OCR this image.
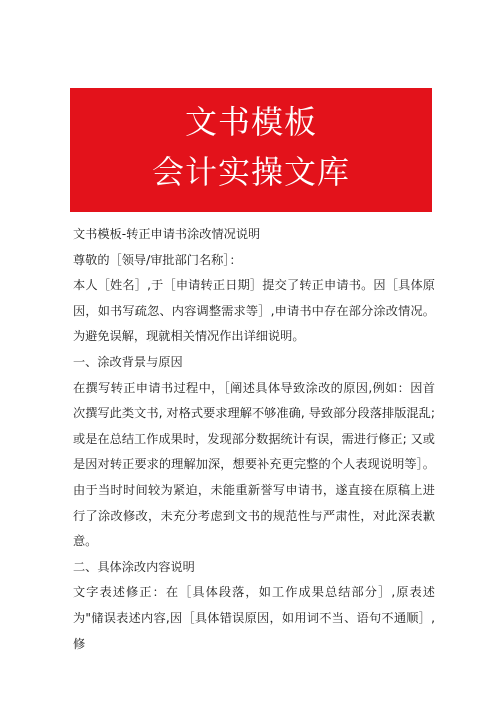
文书模板
会计实操文库

文书模板-转正申请书涂改情况说明

尊敬的［领导/审批部门名称］：

本人［姓名］,于［申请转正日期］提交了转正申请书。因［具体原因，如书写疏忽、内容调整需求等］,申请书中存在部分涂改情况。为避免误解，现就相关情况作出详细说明。

一、涂改背景与原因

在撰写转正申请书过程中，［阐述具体导致涂改的原因,例如：因首次撰写此类文书, 对格式要求理解不够准确, 导致部分段落排版混乱; 或是在总结工作成果时，发现部分数据统计有误，需进行修正; 又或是因对转正要求的理解加深，想要补充更完整的个人表现说明等］。由于当时时间较为紧迫，未能重新誉写申请书，遂直接在原稿上进行了涂改修改，未充分考虑到文书的规范性与严肃性，对此深表歉意。

二、具体涂改内容说明

文字表述修正：在［具体段落，如工作成果总结部分］,原表述为"储误表述内容,因［具体错误原因，如用词不当、语句不通顺］,修
